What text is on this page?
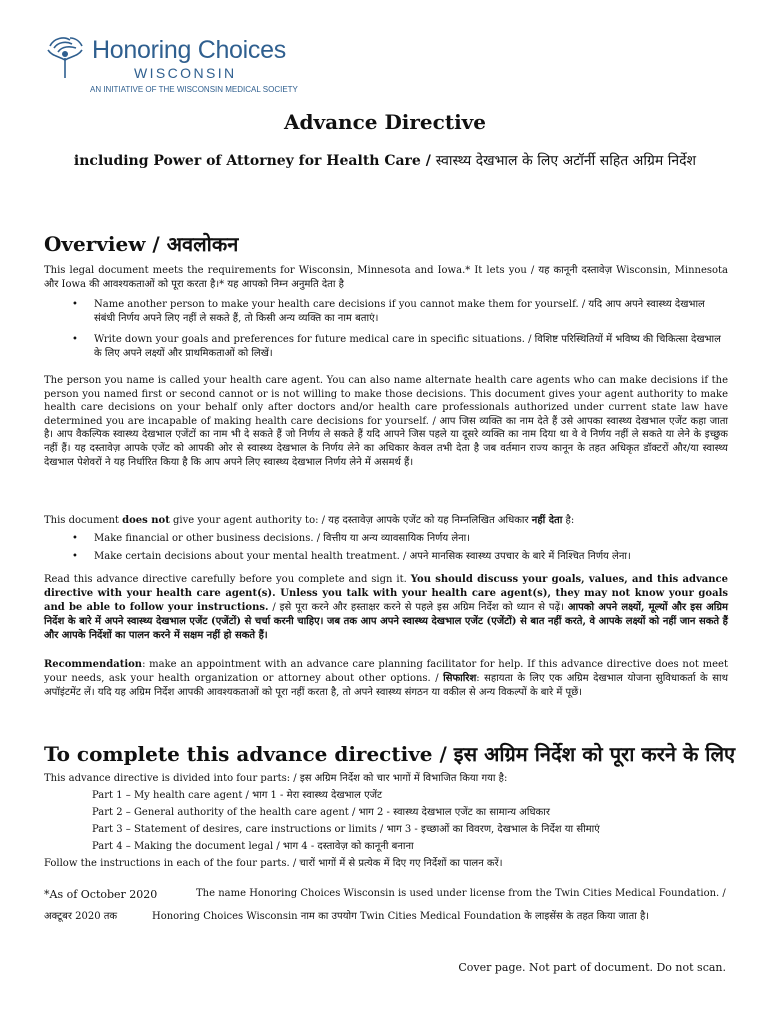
Honoring Choices
WISCONSIN
AN INITIATIVE OF THE WISCONSIN MEDICAL SOCIETY
Advance Directive
including Power of Attorney for Health Care / स्वास्थ्य देखभाल के लिए अटॉर्नी सहित अग्रिम निर्देश
Overview / अवलोकन
This legal document meets the requirements for Wisconsin, Minnesota and Iowa.* It lets you / यह कानूनी दस्तावेज़ Wisconsin, Minnesota और Iowa की आवश्यकताओं को पूरा करता है।* यह आपको निम्न अनुमति देता है
• Name another person to make your health care decisions if you cannot make them for yourself. / यदि आप अपने स्वास्थ्य देखभाल संबंधी निर्णय अपने लिए नहीं ले सकते हैं, तो किसी अन्य व्यक्ति का नाम बताएं।
• Write down your goals and preferences for future medical care in specific situations. / विशिष्ट परिस्थितियों में भविष्य की चिकित्सा देखभाल के लिए अपने लक्ष्यों और प्राथमिकताओं को लिखें।
The person you name is called your health care agent. You can also name alternate health care agents who can make decisions if the person you named first or second cannot or is not willing to make those decisions. This document gives your agent authority to make health care decisions on your behalf only after doctors and/or health care professionals authorized under current state law have determined you are incapable of making health care decisions for yourself. / आप जिस व्यक्ति का नाम देते हैं उसे आपका स्वास्थ्य देखभाल एजेंट कहा जाता है। आप वैकल्पिक स्वास्थ्य देखभाल एजेंटों का नाम भी दे सकते हैं जो निर्णय ले सकते हैं यदि आपने जिस पहले या दूसरे व्यक्ति का नाम दिया था वे वे निर्णय नहीं ले सकते या लेने के इच्छुक नहीं हैं। यह दस्तावेज़ आपके एजेंट को आपकी ओर से स्वास्थ्य देखभाल के निर्णय लेने का अधिकार केवल तभी देता है जब वर्तमान राज्य कानून के तहत अधिकृत डॉक्टरों और/या स्वास्थ्य देखभाल पेशेवरों ने यह निर्धारित किया है कि आप अपने लिए स्वास्थ्य देखभाल निर्णय लेने में असमर्थ हैं।
This document does not give your agent authority to: / यह दस्तावेज़ आपके एजेंट को यह निम्नलिखित अधिकार नहीं देता है:
• Make financial or other business decisions. / वित्तीय या अन्य व्यावसायिक निर्णय लेना।
• Make certain decisions about your mental health treatment. / अपने मानसिक स्वास्थ्य उपचार के बारे में निश्चित निर्णय लेना।
Read this advance directive carefully before you complete and sign it. You should discuss your goals, values, and this advance directive with your health care agent(s). Unless you talk with your health care agent(s), they may not know your goals and be able to follow your instructions. / इसे पूरा करने और हस्ताक्षर करने से पहले इस अग्रिम निर्देश को ध्यान से पढ़ें। आपको अपने लक्ष्यों, मूल्यों और इस अग्रिम निर्देश के बारे में अपने स्वास्थ्य देखभाल एजेंट (एजेंटों) से चर्चा करनी चाहिए। जब तक आप अपने स्वास्थ्य देखभाल एजेंट (एजेंटों) से बात नहीं करते, वे आपके लक्ष्यों को नहीं जान सकते हैं और आपके निर्देशों का पालन करने में सक्षम नहीं हो सकते हैं।
Recommendation: make an appointment with an advance care planning facilitator for help. If this advance directive does not meet your needs, ask your health organization or attorney about other options. / सिफारिश: सहायता के लिए एक अग्रिम देखभाल योजना सुविधाकर्ता के साथ अपॉइंटमेंट लें। यदि यह अग्रिम निर्देश आपकी आवश्यकताओं को पूरा नहीं करता है, तो अपने स्वास्थ्य संगठन या वकील से अन्य विकल्पों के बारे में पूछें।
To complete this advance directive / इस अग्रिम निर्देश को पूरा करने के लिए
This advance directive is divided into four parts: / इस अग्रिम निर्देश को चार भागों में विभाजित किया गया है:
Part 1 – My health care agent / भाग 1 - मेरा स्वास्थ्य देखभाल एजेंट
Part 2 – General authority of the health care agent / भाग 2 - स्वास्थ्य देखभाल एजेंट का सामान्य अधिकार
Part 3 – Statement of desires, care instructions or limits / भाग 3 - इच्छाओं का विवरण, देखभाल के निर्देश या सीमाएं
Part 4 – Making the document legal / भाग 4 - दस्तावेज़ को कानूनी बनाना
Follow the instructions in each of the four parts. / चारों भागों में से प्रत्येक में दिए गए निर्देशों का पालन करें।
*As of October 2020	The name Honoring Choices Wisconsin is used under license from the Twin Cities Medical Foundation. /
अक्टूबर 2020 तक	Honoring Choices Wisconsin नाम का उपयोग Twin Cities Medical Foundation के लाइसेंस के तहत किया जाता है।
Cover page. Not part of document. Do not scan.
